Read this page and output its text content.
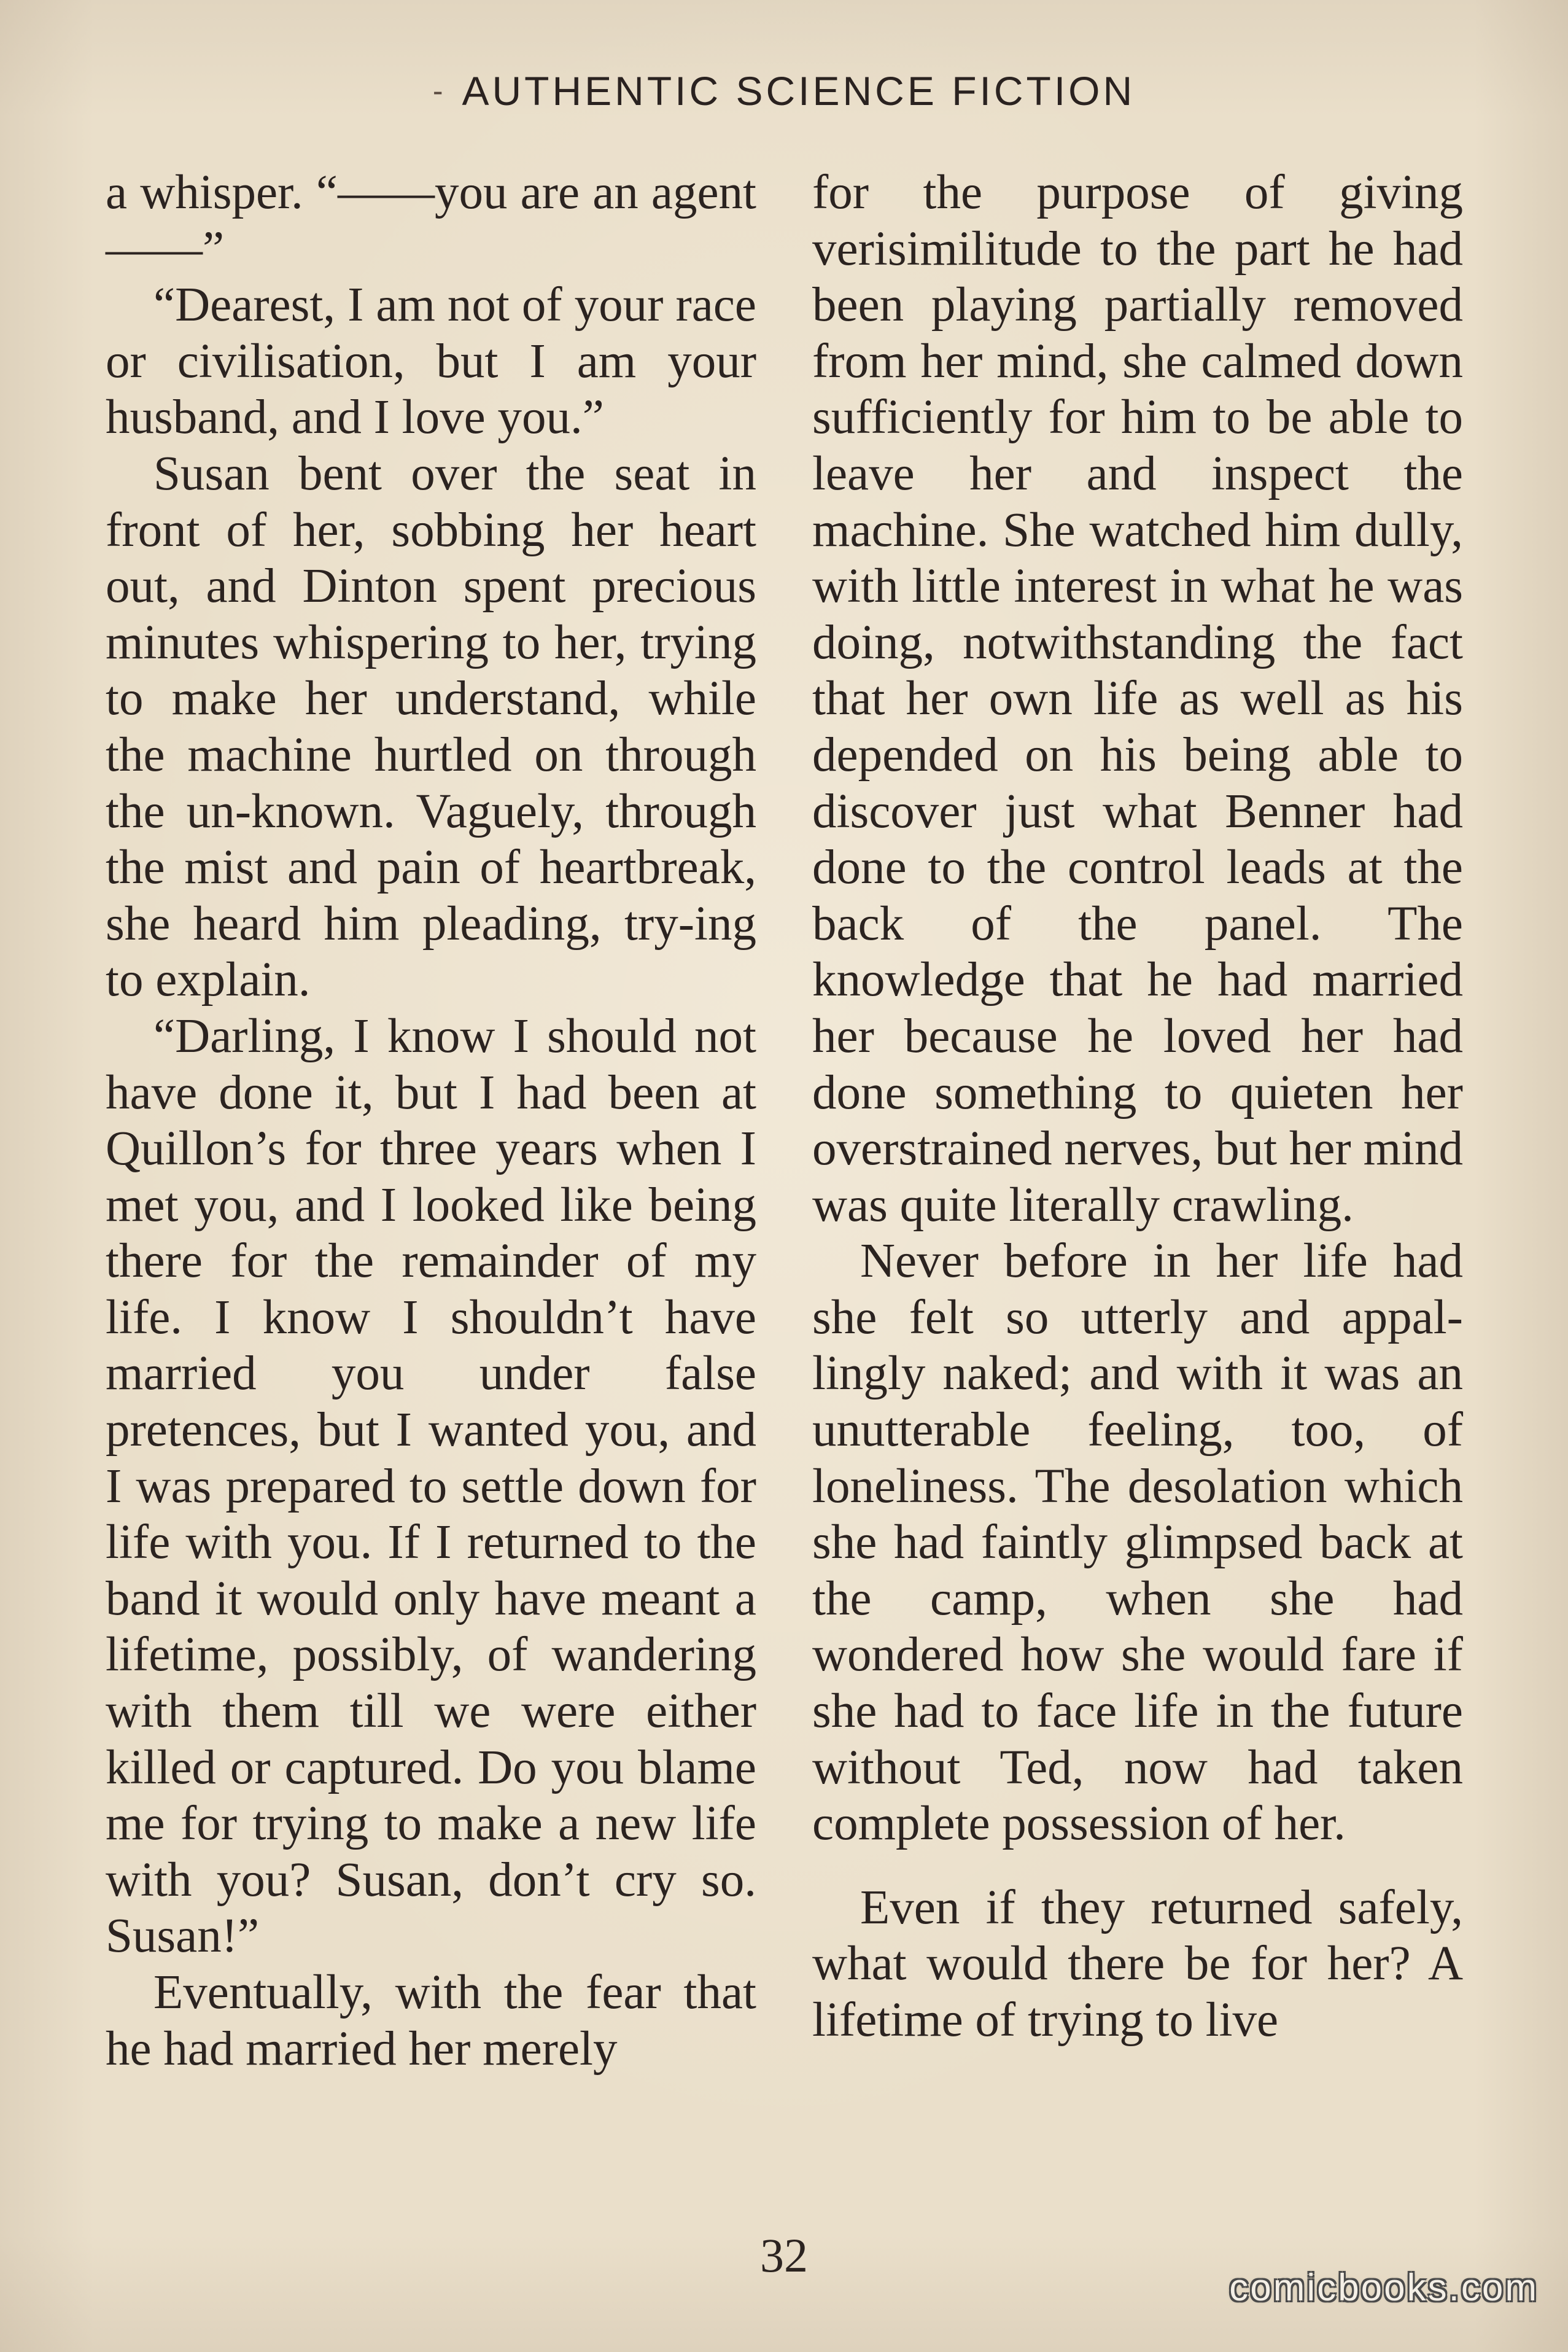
- AUTHENTIC SCIENCE FICTION

a whisper. “——you are an agent——”

“Dearest, I am not of your race or civilisation, but I am your husband, and I love you.”

Susan bent over the seat in front of her, sobbing her heart out, and Dinton spent precious minutes whispering to her, trying to make her understand, while the machine hurtled on through the un-known. Vaguely, through the mist and pain of heartbreak, she heard him pleading, try-ing to explain.

“Darling, I know I should not have done it, but I had been at Quillon’s for three years when I met you, and I looked like being there for the remainder of my life. I know I shouldn’t have married you under false pretences, but I wanted you, and I was prepared to settle down for life with you. If I returned to the band it would only have meant a lifetime, possibly, of wandering with them till we were either killed or captured. Do you blame me for trying to make a new life with you? Susan, don’t cry so. Susan!”

Eventually, with the fear that he had married her merely

for the purpose of giving verisimilitude to the part he had been playing partially removed from her mind, she calmed down sufficiently for him to be able to leave her and inspect the machine. She watched him dully, with little interest in what he was doing, notwithstanding the fact that her own life as well as his depended on his being able to discover just what Benner had done to the control leads at the back of the panel. The knowledge that he had married her because he loved her had done something to quieten her overstrained nerves, but her mind was quite literally crawling.

Never before in her life had she felt so utterly and appal-lingly naked; and with it was an unutterable feeling, too, of loneliness. The desolation which she had faintly glimpsed back at the camp, when she had wondered how she would fare if she had to face life in the future without Ted, now had taken complete possession of her.

Even if they returned safely, what would there be for her? A lifetime of trying to live

32
comicbooks.com
